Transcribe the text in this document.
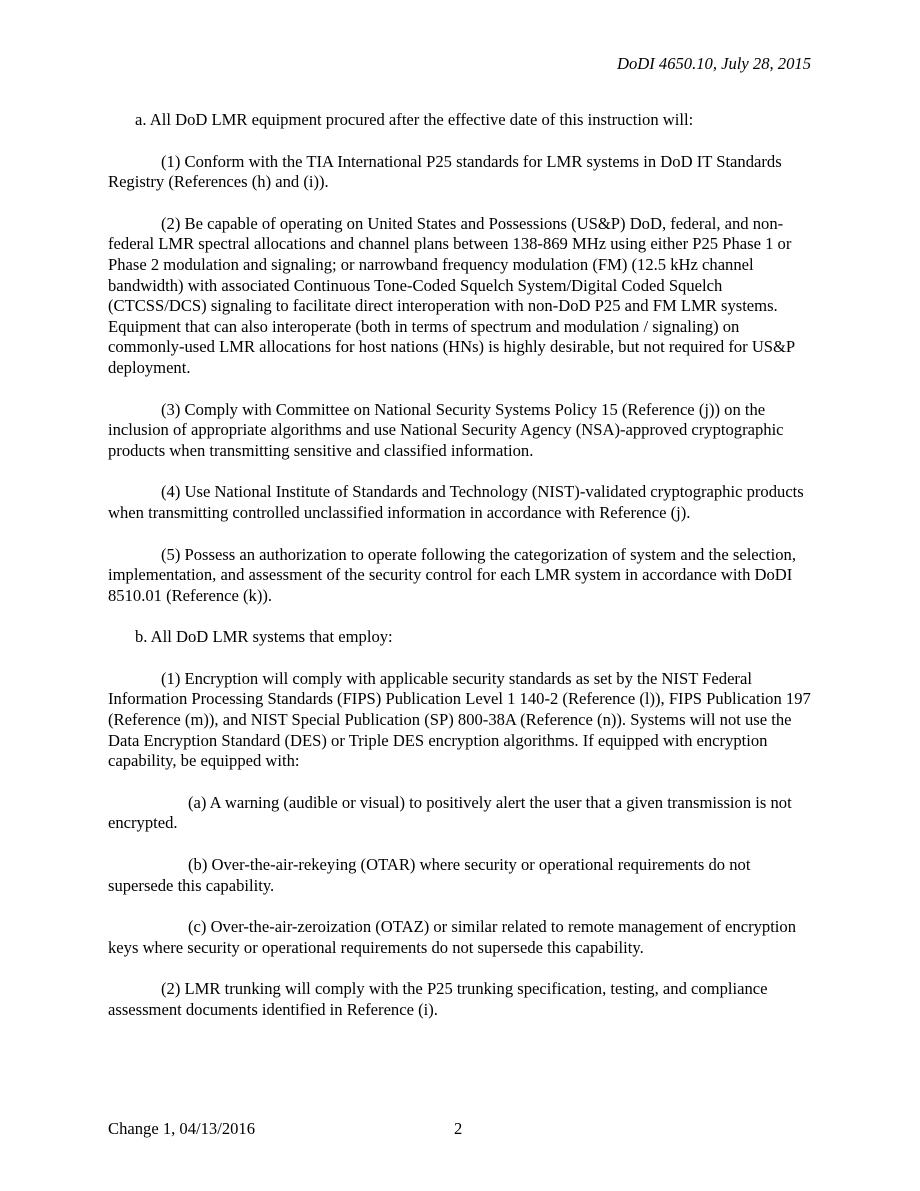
DoDI 4650.10, July 28, 2015

a. All DoD LMR equipment procured after the effective date of this instruction will:

(1) Conform with the TIA International P25 standards for LMR systems in DoD IT Standards Registry (References (h) and (i)).

(2) Be capable of operating on United States and Possessions (US&P) DoD, federal, and non-federal LMR spectral allocations and channel plans between 138-869 MHz using either P25 Phase 1 or Phase 2 modulation and signaling; or narrowband frequency modulation (FM) (12.5 kHz channel bandwidth) with associated Continuous Tone-Coded Squelch System/Digital Coded Squelch (CTCSS/DCS) signaling to facilitate direct interoperation with non-DoD P25 and FM LMR systems. Equipment that can also interoperate (both in terms of spectrum and modulation / signaling) on commonly-used LMR allocations for host nations (HNs) is highly desirable, but not required for US&P deployment.

(3) Comply with Committee on National Security Systems Policy 15 (Reference (j)) on the inclusion of appropriate algorithms and use National Security Agency (NSA)-approved cryptographic products when transmitting sensitive and classified information.

(4) Use National Institute of Standards and Technology (NIST)-validated cryptographic products when transmitting controlled unclassified information in accordance with Reference (j).

(5) Possess an authorization to operate following the categorization of system and the selection, implementation, and assessment of the security control for each LMR system in accordance with DoDI 8510.01 (Reference (k)).

b. All DoD LMR systems that employ:

(1) Encryption will comply with applicable security standards as set by the NIST Federal Information Processing Standards (FIPS) Publication Level 1 140-2 (Reference (l)), FIPS Publication 197 (Reference (m)), and NIST Special Publication (SP) 800-38A (Reference (n)). Systems will not use the Data Encryption Standard (DES) or Triple DES encryption algorithms. If equipped with encryption capability, be equipped with:

(a) A warning (audible or visual) to positively alert the user that a given transmission is not encrypted.

(b) Over-the-air-rekeying (OTAR) where security or operational requirements do not supersede this capability.

(c) Over-the-air-zeroization (OTAZ) or similar related to remote management of encryption keys where security or operational requirements do not supersede this capability.

(2) LMR trunking will comply with the P25 trunking specification, testing, and compliance assessment documents identified in Reference (i).

Change 1, 04/13/2016	2
